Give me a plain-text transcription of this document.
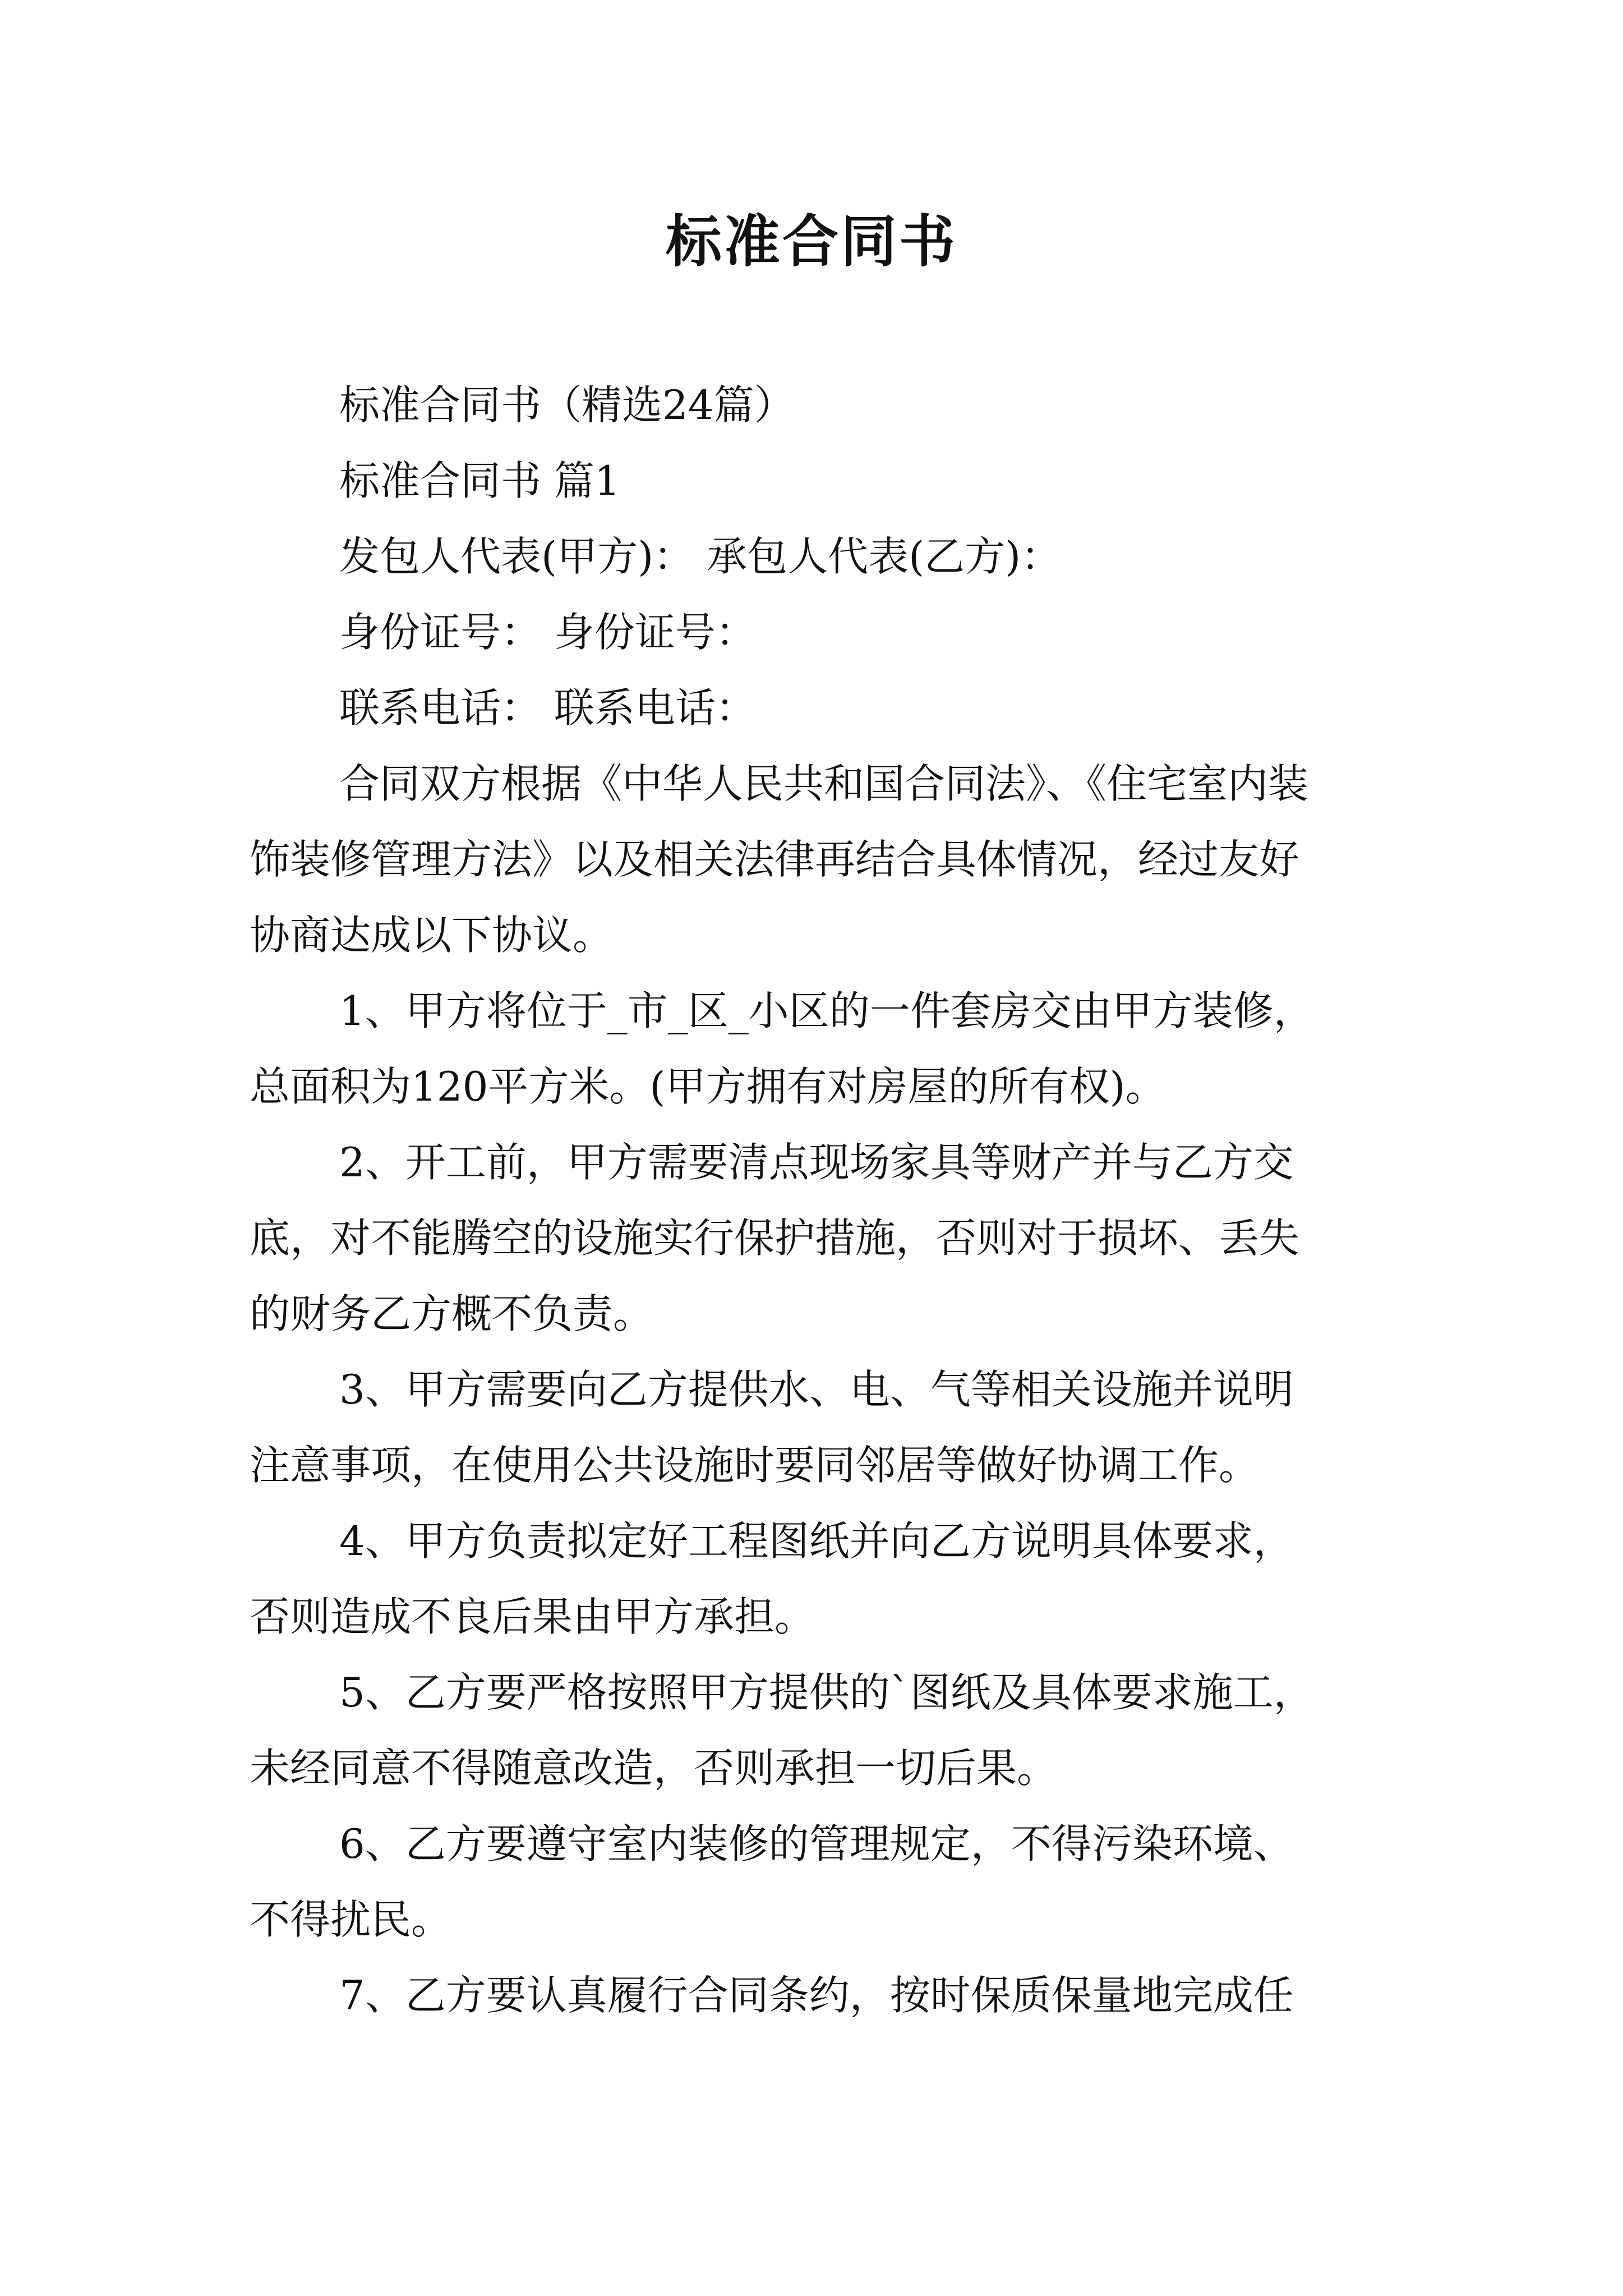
标准合同书

标准合同书（精选24篇）

标准合同书 篇1

发包人代表(甲方)： 承包人代表(乙方)：

身份证号： 身份证号：

联系电话： 联系电话：

合同双方根据《中华人民共和国合同法》、《住宅室内装

饰装修管理方法》以及相关法律再结合具体情况，经过友好

协商达成以下协议。

1、甲方将位于_市_区_小区的一件套房交由甲方装修，

总面积为120平方米。(甲方拥有对房屋的所有权)。

2、开工前，甲方需要清点现场家具等财产并与乙方交

底，对不能腾空的设施实行保护措施，否则对于损坏、丢失

的财务乙方概不负责。

3、甲方需要向乙方提供水、电、气等相关设施并说明

注意事项，在使用公共设施时要同邻居等做好协调工作。

4、甲方负责拟定好工程图纸并向乙方说明具体要求，

否则造成不良后果由甲方承担。

5、乙方要严格按照甲方提供的`图纸及具体要求施工，

未经同意不得随意改造，否则承担一切后果。

6、乙方要遵守室内装修的管理规定，不得污染环境、

不得扰民。

7、乙方要认真履行合同条约，按时保质保量地完成任
